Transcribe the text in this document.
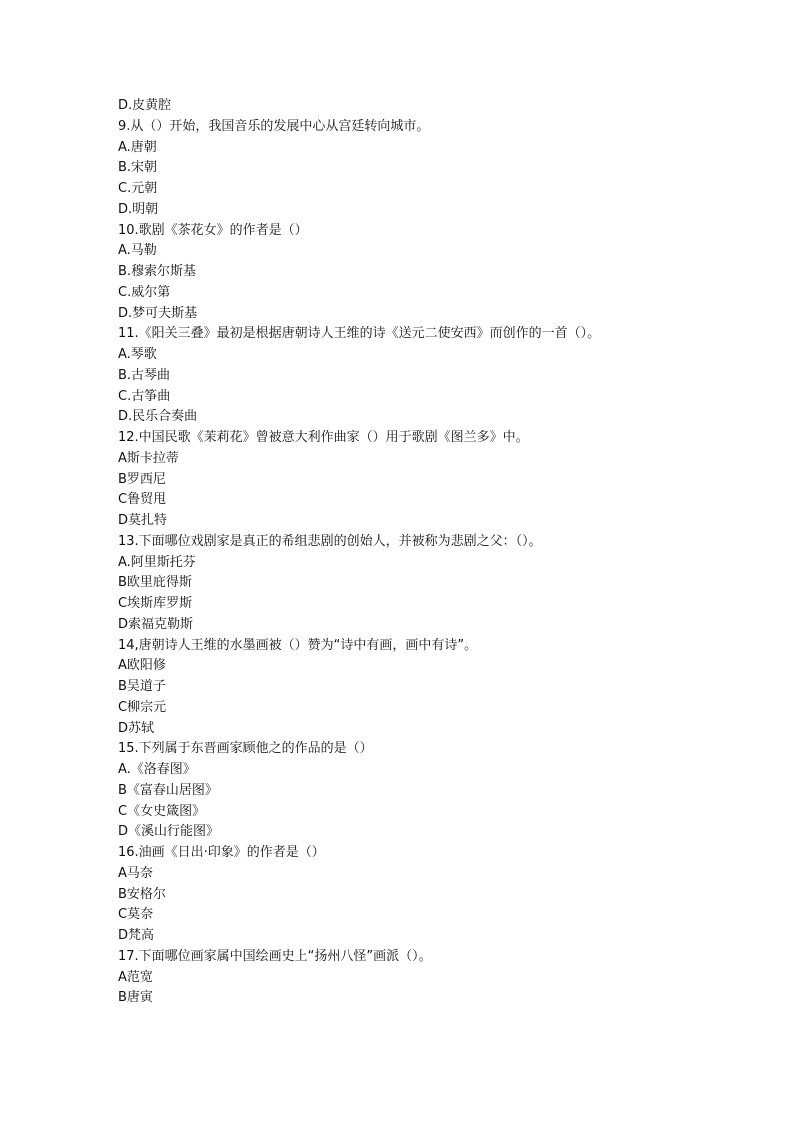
D.皮黄腔
9.从（）开始，我国音乐的发展中心从宫廷转向城市。
A.唐朝
B.宋朝
C.元朝
D.明朝
10.歌剧《茶花女》的作者是（）
A.马勒
B.穆索尔斯基
C.威尔第
D.梦可夫斯基
11.《阳关三叠》最初是根据唐朝诗人王维的诗《送元二使安西》而创作的一首（）。
A.琴歌
B.古琴曲
C.古筝曲
D.民乐合奏曲
12.中国民歌《茉莉花》曾被意大利作曲家（）用于歌剧《图兰多》中。
A斯卡拉蒂
B罗西尼
C鲁贸甩
D莫扎特
13.下面哪位戏剧家是真正的希组悲剧的创始人，并被称为悲剧之父：（）。
A.阿里斯托芬
B欧里庇得斯
C埃斯库罗斯
D索福克勒斯
14,唐朝诗人王维的水墨画被（）赞为“诗中有画，画中有诗”。
A欧阳修
B吴道子
C柳宗元
D苏轼
15.下列属于东晋画家顾他之的作品的是（）
A.《洛春图》
B《富春山居图》
C《女史箴图》
D《溪山行能图》
16.油画《日出·印象》的作者是（）
A马奈
B安格尔
C莫奈
D梵高
17.下面哪位画家属中国绘画史上“扬州八怪”画派（）。
A范宽
B唐寅
